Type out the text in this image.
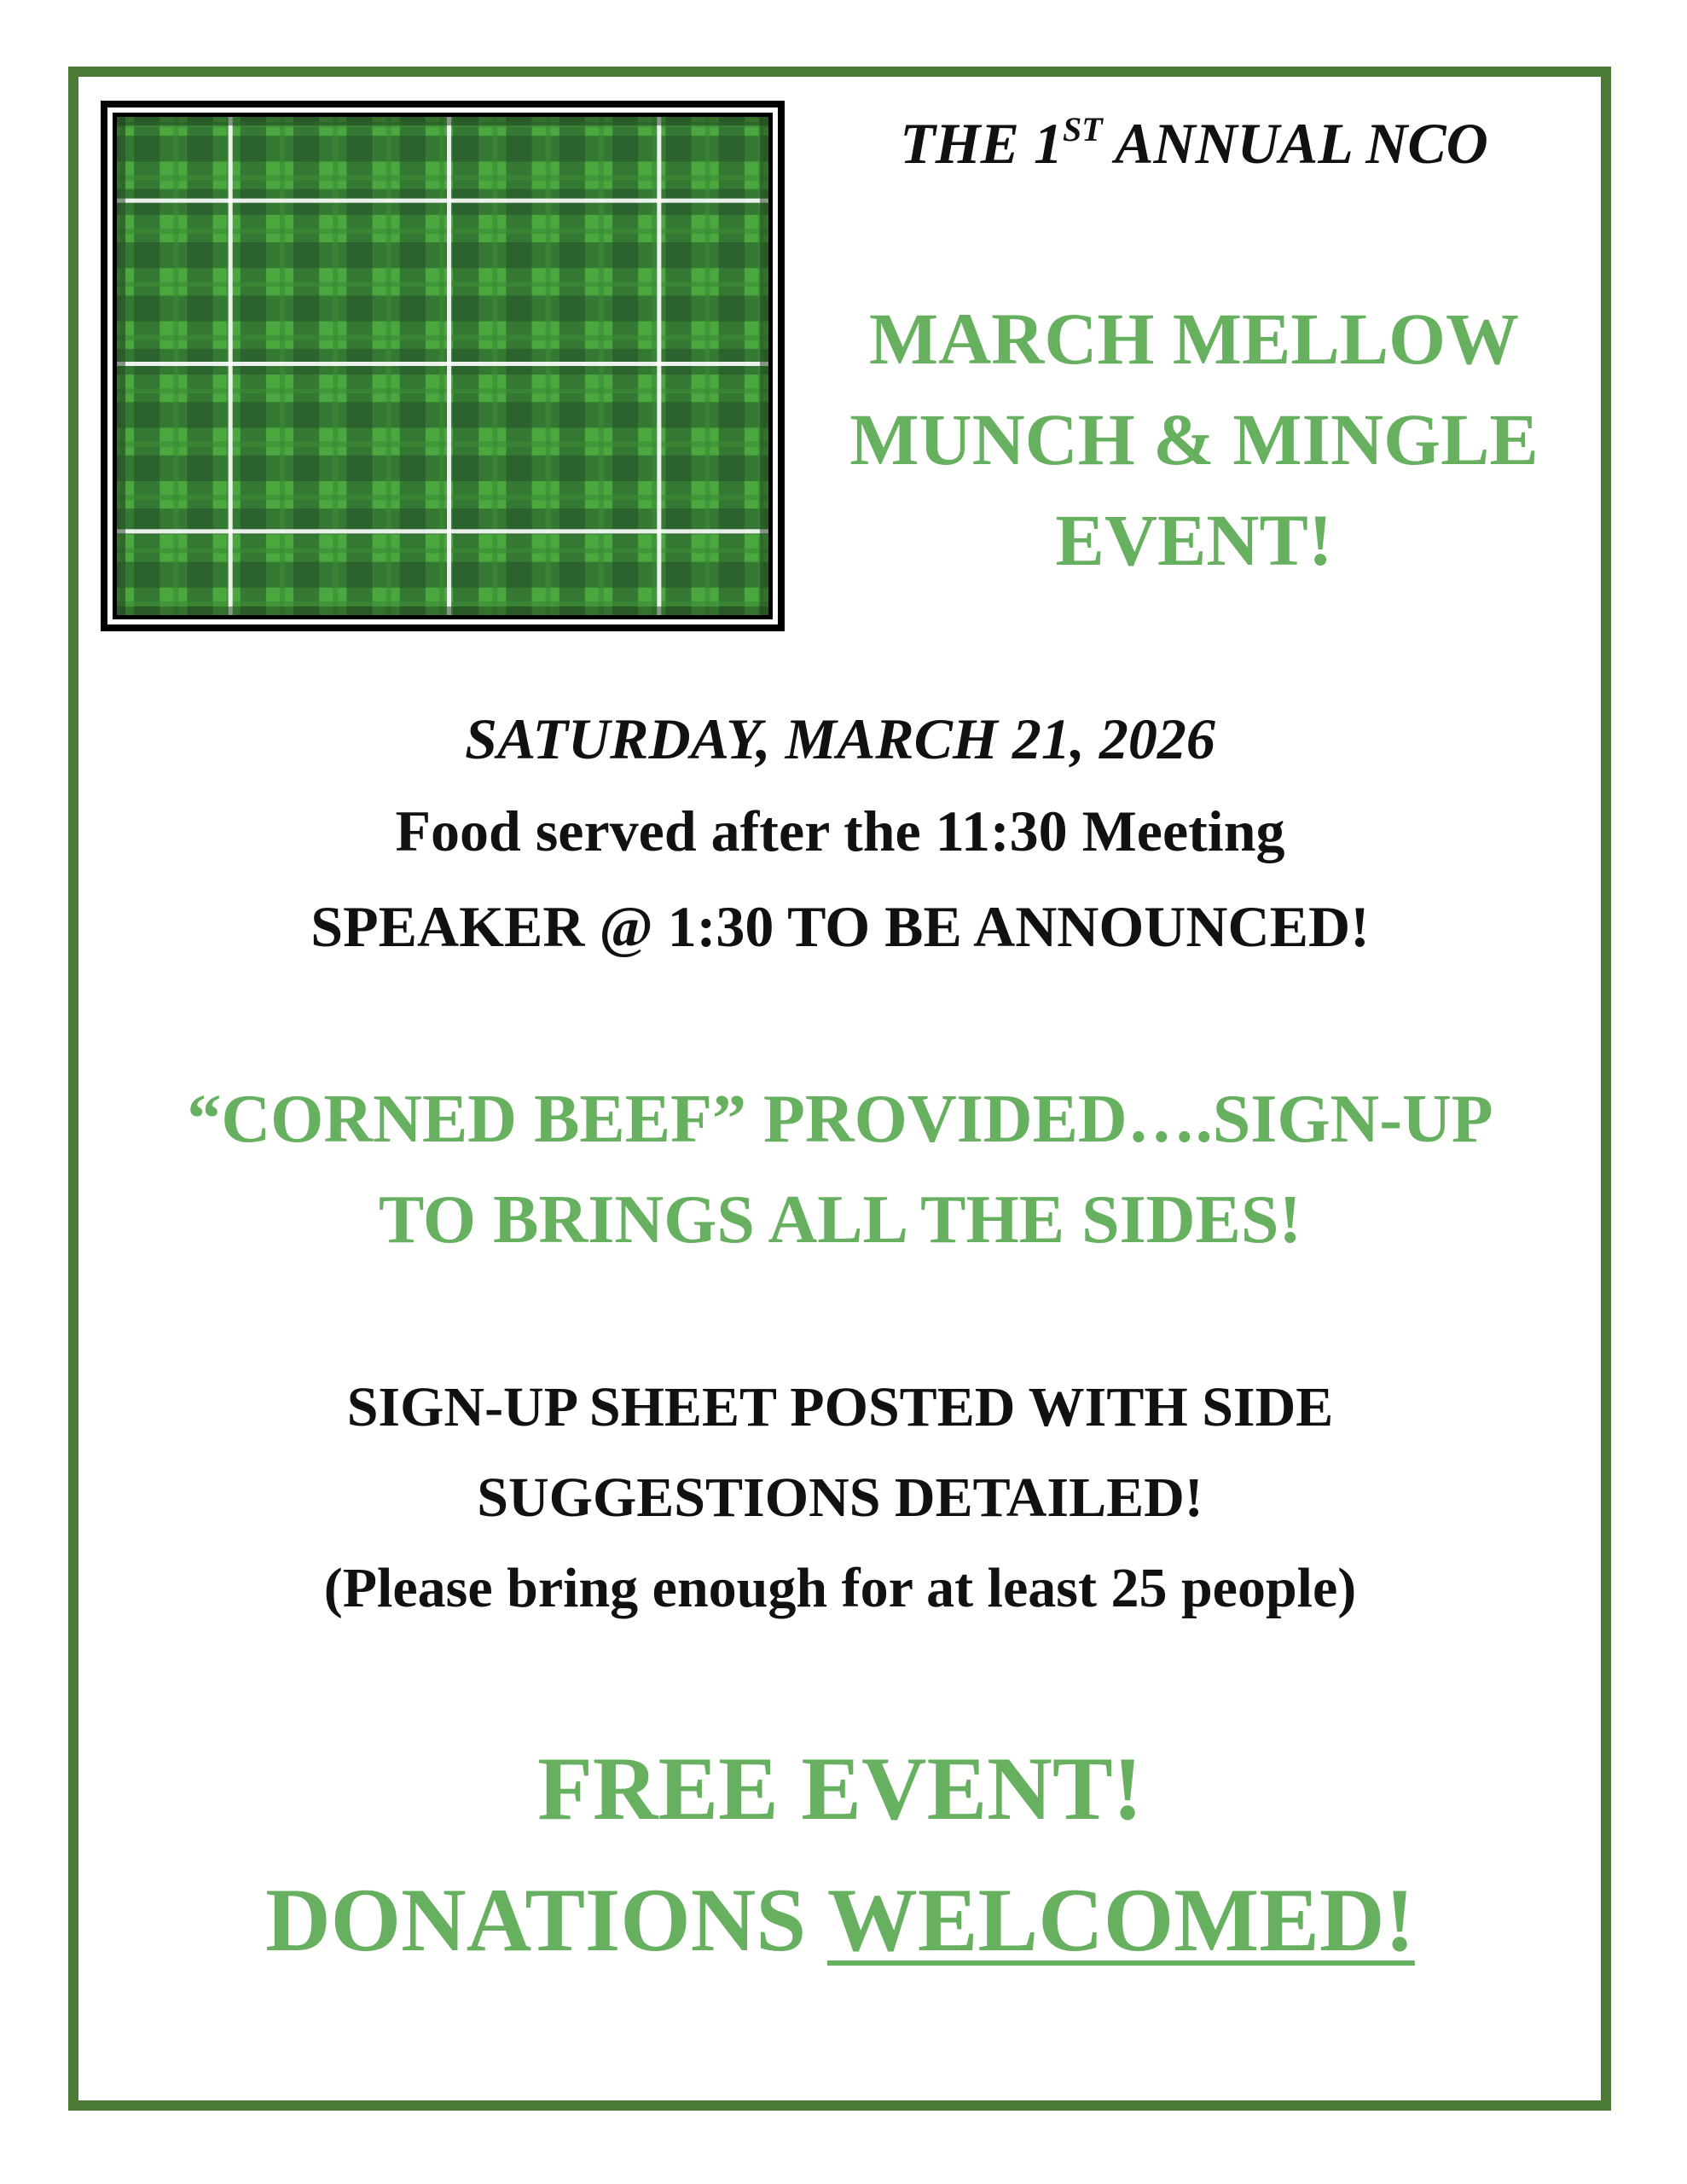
THE 1ST ANNUAL NCO
MARCH MELLOW
MUNCH & MINGLE
EVENT!
SATURDAY, MARCH 21, 2026
Food served after the 11:30 Meeting
SPEAKER @ 1:30 TO BE ANNOUNCED!
“CORNED BEEF” PROVIDED….SIGN-UP
TO BRINGS ALL THE SIDES!
SIGN-UP SHEET POSTED WITH SIDE
SUGGESTIONS DETAILED!
(Please bring enough for at least 25 people)
FREE EVENT!
DONATIONS WELCOMED!
